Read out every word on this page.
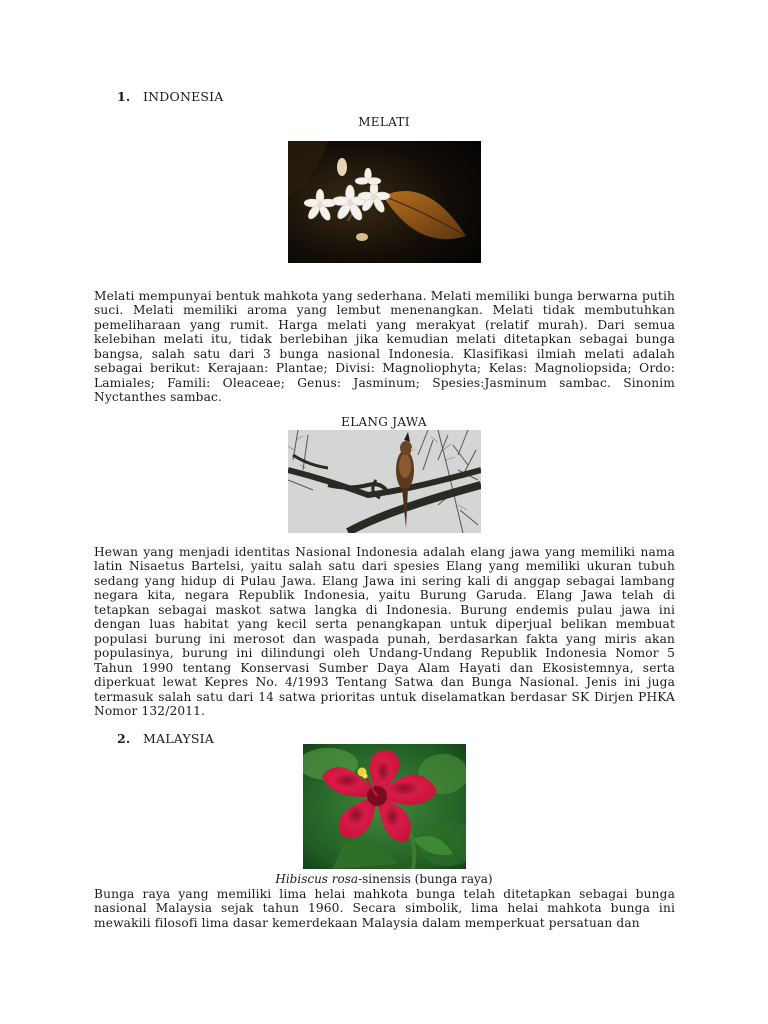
1. INDONESIA
MELATI

Melati mempunyai bentuk mahkota yang sederhana. Melati memiliki bunga berwarna putih suci. Melati memiliki aroma yang lembut menenangkan. Melati tidak membutuhkan pemeliharaan yang rumit. Harga melati yang merakyat (relatif murah). Dari semua kelebihan melati itu, tidak berlebihan jika kemudian melati ditetapkan sebagai bunga bangsa, salah satu dari 3 bunga nasional Indonesia. Klasifikasi ilmiah melati adalah sebagai berikut: Kerajaan: Plantae; Divisi: Magnoliophyta; Kelas: Magnoliopsida; Ordo: Lamiales; Famili: Oleaceae; Genus: Jasminum; Spesies:Jasminum sambac. Sinonim Nyctanthes sambac.

ELANG JAWA

Hewan yang menjadi identitas Nasional Indonesia adalah elang jawa yang memiliki nama latin Nisaetus Bartelsi, yaitu salah satu dari spesies Elang yang memiliki ukuran tubuh sedang yang hidup di Pulau Jawa. Elang Jawa ini sering kali di anggap sebagai lambang negara kita, negara Republik Indonesia, yaitu Burung Garuda. Elang Jawa telah di tetapkan sebagai maskot satwa langka di Indonesia. Burung endemis pulau jawa ini dengan luas habitat yang kecil serta penangkapan untuk diperjual belikan membuat populasi burung ini merosot dan waspada punah, berdasarkan fakta yang miris akan populasinya, burung ini dilindungi oleh Undang-Undang Republik Indonesia Nomor 5 Tahun 1990 tentang Konservasi Sumber Daya Alam Hayati dan Ekosistemnya, serta diperkuat lewat Kepres No. 4/1993 Tentang Satwa dan Bunga Nasional. Jenis ini juga termasuk salah satu dari 14 satwa prioritas untuk diselamatkan berdasar SK Dirjen PHKA Nomor 132/2011.

2. MALAYSIA
Hibiscus rosa-sinensis (bunga raya)

Bunga raya yang memiliki lima helai mahkota bunga telah ditetapkan sebagai bunga nasional Malaysia sejak tahun 1960. Secara simbolik, lima helai mahkota bunga ini mewakili filosofi lima dasar kemerdekaan Malaysia dalam memperkuat persatuan dan
